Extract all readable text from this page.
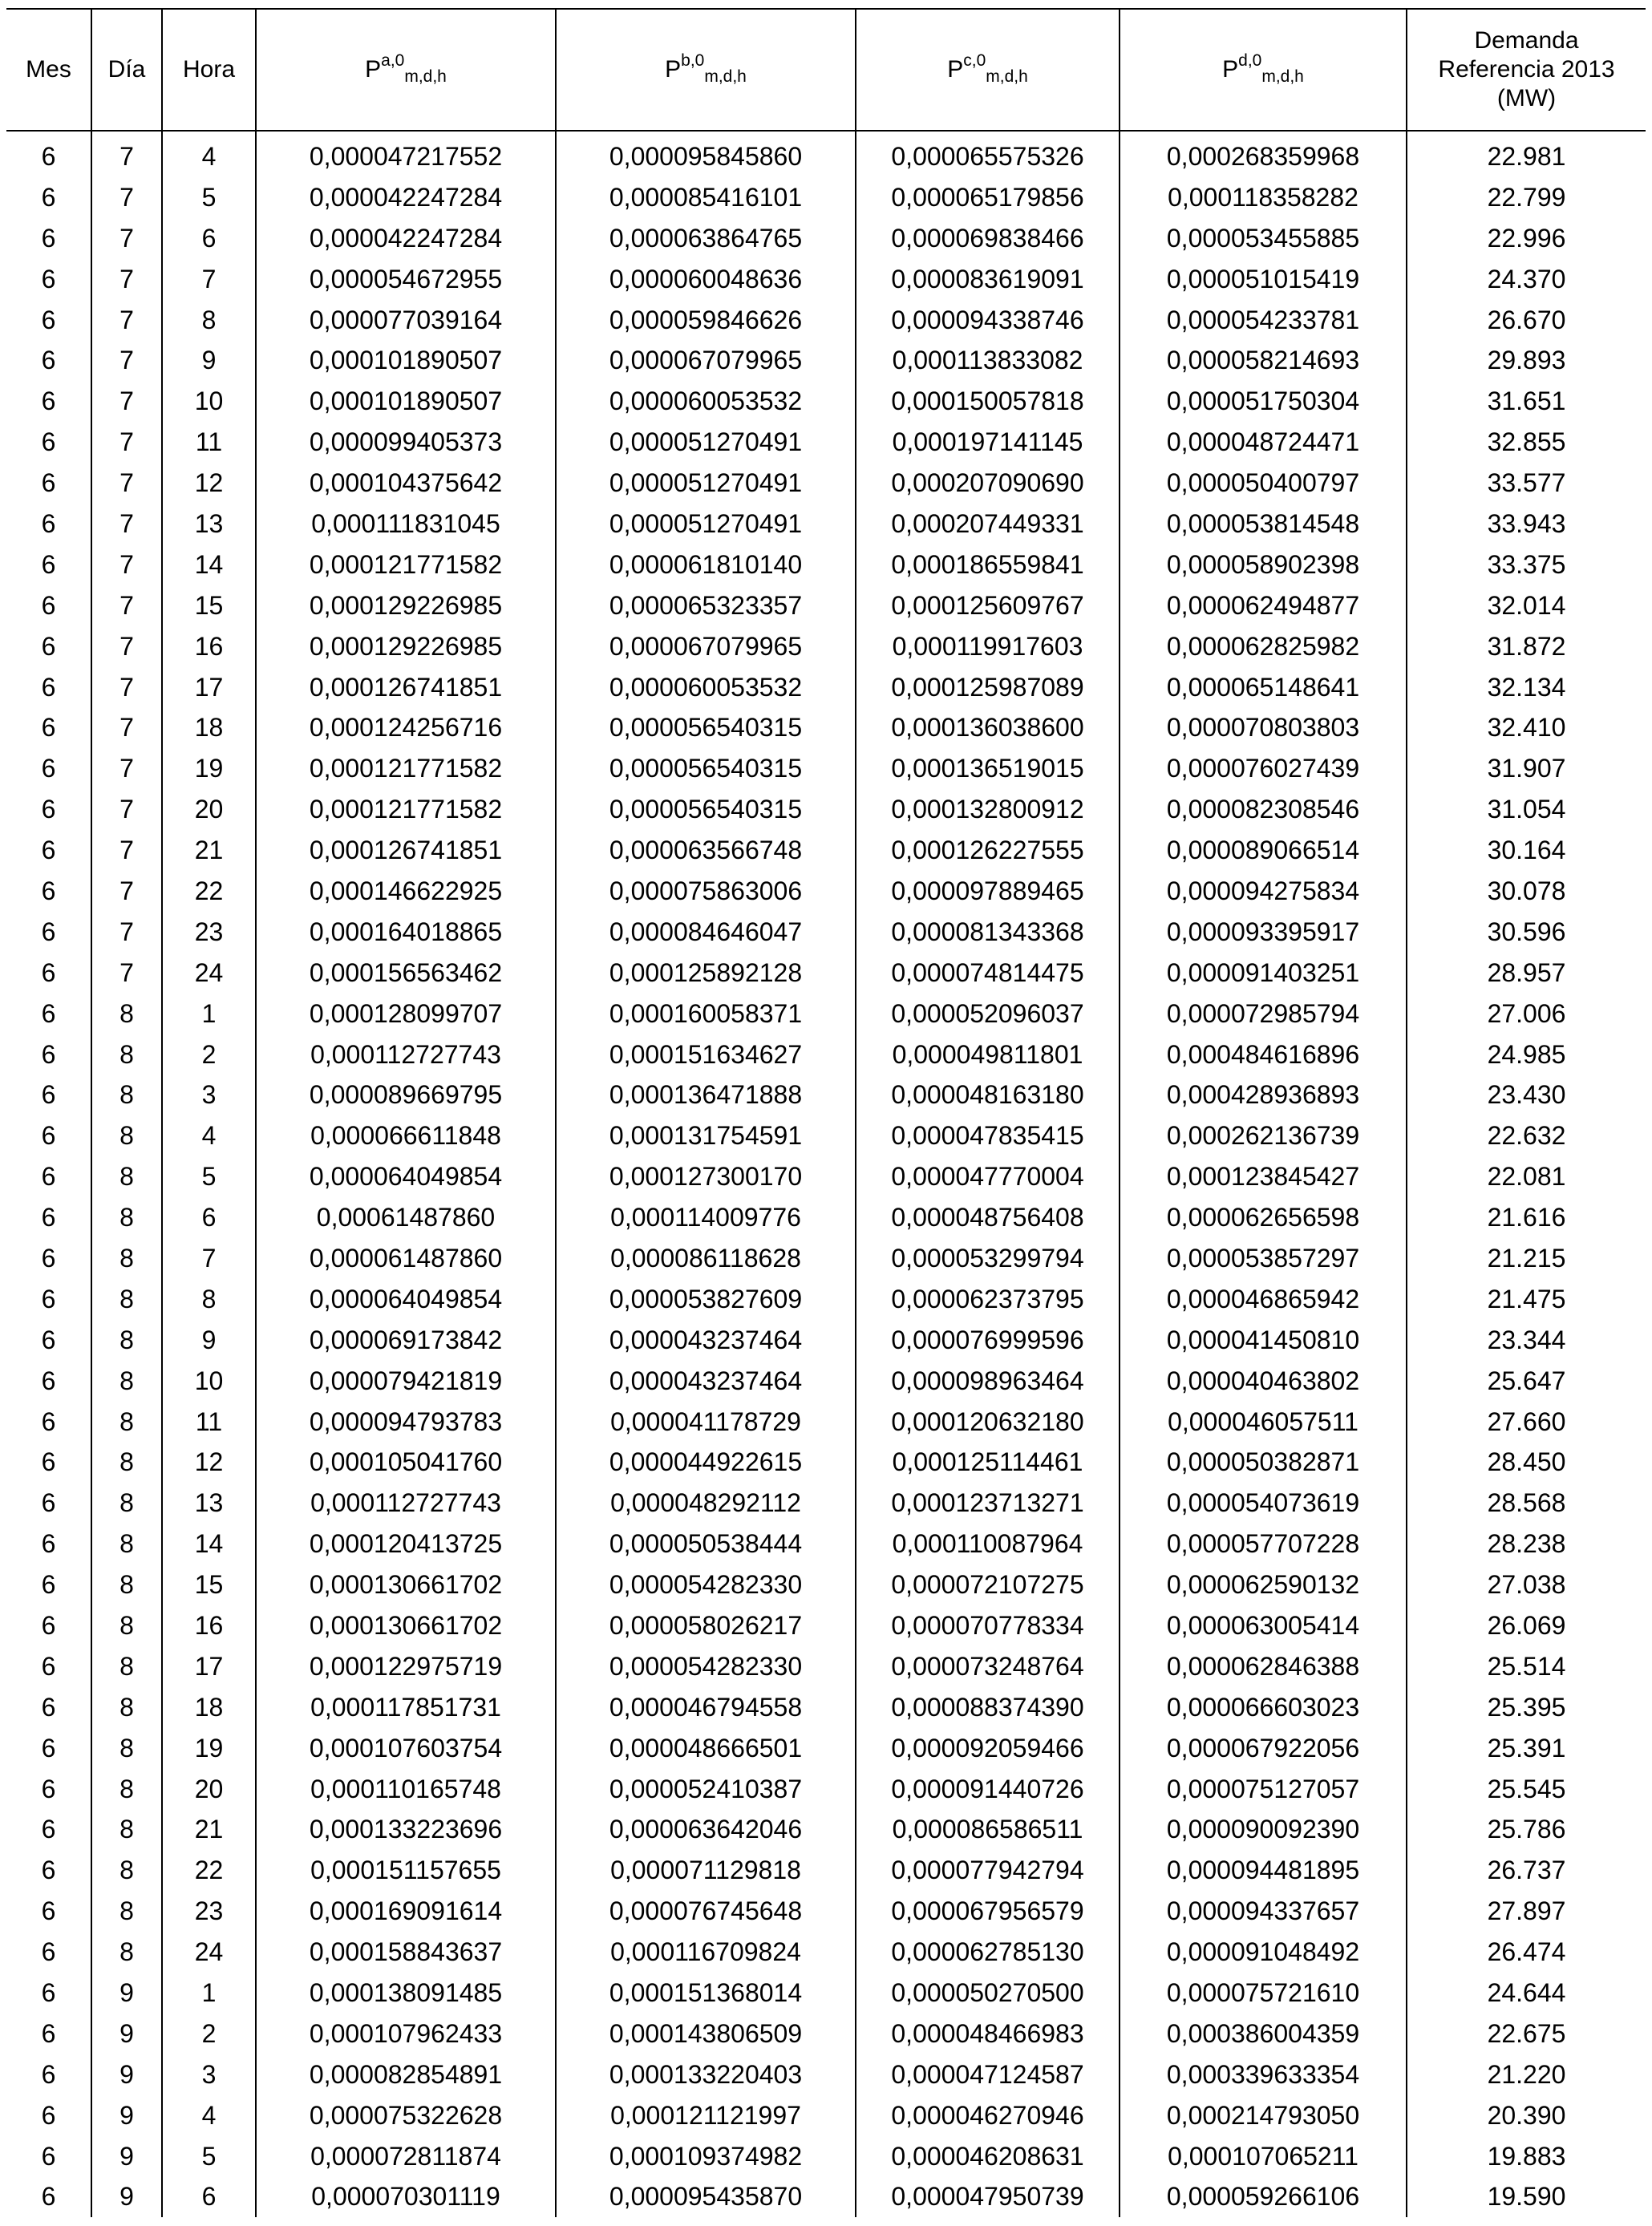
Mes	Día	Hora	P$^{a,0}_{m,d,h}$	P$^{b,0}_{m,d,h}$	P$^{c,0}_{m,d,h}$	P$^{d,0}_{m,d,h}$	Demanda
Referencia 2013
(MW)

6	7	4	0,000047217552	0,000095845860	0,000065575326	0,000268359968	22.981
6	7	5	0,000042247284	0,000085416101	0,000065179856	0,000118358282	22.799
6	7	6	0,000042247284	0,000063864765	0,000069838466	0,000053455885	22.996
6	7	7	0,000054672955	0,000060048636	0,000083619091	0,000051015419	24.370
6	7	8	0,000077039164	0,000059846626	0,000094338746	0,000054233781	26.670
6	7	9	0,000101890507	0,000067079965	0,000113833082	0,000058214693	29.893
6	7	10	0,000101890507	0,000060053532	0,000150057818	0,000051750304	31.651
6	7	11	0,000099405373	0,000051270491	0,000197141145	0,000048724471	32.855
6	7	12	0,000104375642	0,000051270491	0,000207090690	0,000050400797	33.577
6	7	13	0,000111831045	0,000051270491	0,000207449331	0,000053814548	33.943
6	7	14	0,000121771582	0,000061810140	0,000186559841	0,000058902398	33.375
6	7	15	0,000129226985	0,000065323357	0,000125609767	0,000062494877	32.014
6	7	16	0,000129226985	0,000067079965	0,000119917603	0,000062825982	31.872
6	7	17	0,000126741851	0,000060053532	0,000125987089	0,000065148641	32.134
6	7	18	0,000124256716	0,000056540315	0,000136038600	0,000070803803	32.410
6	7	19	0,000121771582	0,000056540315	0,000136519015	0,000076027439	31.907
6	7	20	0,000121771582	0,000056540315	0,000132800912	0,000082308546	31.054
6	7	21	0,000126741851	0,000063566748	0,000126227555	0,000089066514	30.164
6	7	22	0,000146622925	0,000075863006	0,000097889465	0,000094275834	30.078
6	7	23	0,000164018865	0,000084646047	0,000081343368	0,000093395917	30.596
6	7	24	0,000156563462	0,000125892128	0,000074814475	0,000091403251	28.957
6	8	1	0,000128099707	0,000160058371	0,000052096037	0,000072985794	27.006
6	8	2	0,000112727743	0,000151634627	0,000049811801	0,000484616896	24.985
6	8	3	0,000089669795	0,000136471888	0,000048163180	0,000428936893	23.430
6	8	4	0,000066611848	0,000131754591	0,000047835415	0,000262136739	22.632
6	8	5	0,000064049854	0,000127300170	0,000047770004	0,000123845427	22.081
6	8	6	0,00061487860	0,000114009776	0,000048756408	0,000062656598	21.616
6	8	7	0,000061487860	0,000086118628	0,000053299794	0,000053857297	21.215
6	8	8	0,000064049854	0,000053827609	0,000062373795	0,000046865942	21.475
6	8	9	0,000069173842	0,000043237464	0,000076999596	0,000041450810	23.344
6	8	10	0,000079421819	0,000043237464	0,000098963464	0,000040463802	25.647
6	8	11	0,000094793783	0,000041178729	0,000120632180	0,000046057511	27.660
6	8	12	0,000105041760	0,000044922615	0,000125114461	0,000050382871	28.450
6	8	13	0,000112727743	0,000048292112	0,000123713271	0,000054073619	28.568
6	8	14	0,000120413725	0,000050538444	0,000110087964	0,000057707228	28.238
6	8	15	0,000130661702	0,000054282330	0,000072107275	0,000062590132	27.038
6	8	16	0,000130661702	0,000058026217	0,000070778334	0,000063005414	26.069
6	8	17	0,000122975719	0,000054282330	0,000073248764	0,000062846388	25.514
6	8	18	0,000117851731	0,000046794558	0,000088374390	0,000066603023	25.395
6	8	19	0,000107603754	0,000048666501	0,000092059466	0,000067922056	25.391
6	8	20	0,000110165748	0,000052410387	0,000091440726	0,000075127057	25.545
6	8	21	0,000133223696	0,000063642046	0,000086586511	0,000090092390	25.786
6	8	22	0,000151157655	0,000071129818	0,000077942794	0,000094481895	26.737
6	8	23	0,000169091614	0,000076745648	0,000067956579	0,000094337657	27.897
6	8	24	0,000158843637	0,000116709824	0,000062785130	0,000091048492	26.474
6	9	1	0,000138091485	0,000151368014	0,000050270500	0,000075721610	24.644
6	9	2	0,000107962433	0,000143806509	0,000048466983	0,000386004359	22.675
6	9	3	0,000082854891	0,000133220403	0,000047124587	0,000339633354	21.220
6	9	4	0,000075322628	0,000121121997	0,000046270946	0,000214793050	20.390
6	9	5	0,000072811874	0,000109374982	0,000046208631	0,000107065211	19.883
6	9	6	0,000070301119	0,000095435870	0,000047950739	0,000059266106	19.590
